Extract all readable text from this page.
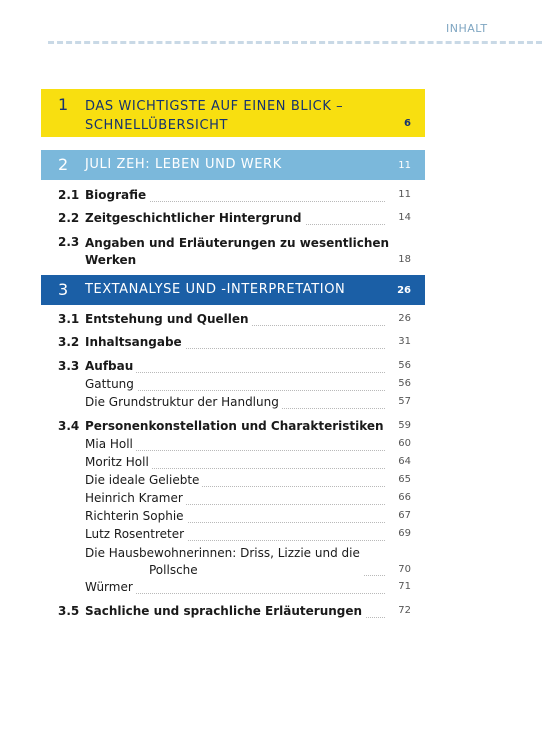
INHALT
1 DAS WICHTIGSTE AUF EINEN BLICK –
SCHNELLÜBERSICHT	6
2 JULI ZEH: LEBEN UND WERK	11
2.1 Biografie	11
2.2 Zeitgeschichtlicher Hintergrund	14
2.3 Angaben und Erläuterungen zu wesentlichen
Werken	18
3 TEXTANALYSE UND -INTERPRETATION	26
3.1 Entstehung und Quellen	26
3.2 Inhaltsangabe	31
3.3 Aufbau	56
Gattung	56
Die Grundstruktur der Handlung	57
3.4 Personenkonstellation und Charakteristiken	59
Mia Holl	60
Moritz Holl	64
Die ideale Geliebte	65
Heinrich Kramer	66
Richterin Sophie	67
Lutz Rosentreter	69
Die Hausbewohnerinnen: Driss, Lizzie und die
Pollsche	70
Würmer	71
3.5 Sachliche und sprachliche Erläuterungen	72
